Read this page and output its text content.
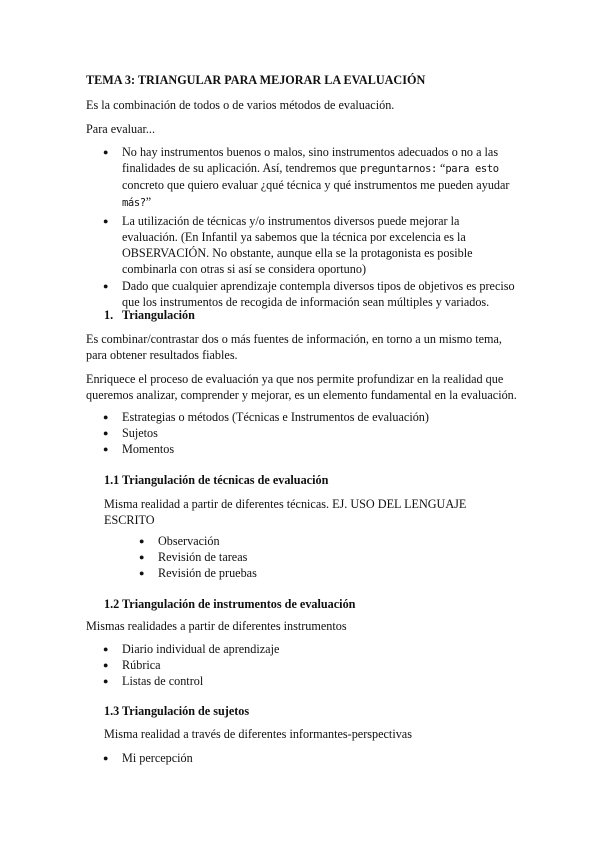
TEMA 3: TRIANGULAR PARA MEJORAR LA EVALUACIÓN

Es la combinación de todos o de varios métodos de evaluación.

Para evaluar...

● No hay instrumentos buenos o malos, sino instrumentos adecuados o no a las
finalidades de su aplicación. Así, tendremos que preguntarnos: “para esto
concreto que quiero evaluar ¿qué técnica y qué instrumentos me pueden ayudar
más?”
● La utilización de técnicas y/o instrumentos diversos puede mejorar la
evaluación. (En Infantil ya sabemos que la técnica por excelencia es la
OBSERVACIÓN. No obstante, aunque ella se la protagonista es posible
combinarla con otras si así se considera oportuno)
● Dado que cualquier aprendizaje contempla diversos tipos de objetivos es preciso
que los instrumentos de recogida de información sean múltiples y variados.

1. Triangulación

Es combinar/contrastar dos o más fuentes de información, en torno a un mismo tema,

para obtener resultados fiables.

Enriquece el proceso de evaluación ya que nos permite profundizar en la realidad que

queremos analizar, comprender y mejorar, es un elemento fundamental en la evaluación.

● Estrategias o métodos (Técnicas e Instrumentos de evaluación)
● Sujetos
● Momentos

1.1 Triangulación de técnicas de evaluación

Misma realidad a partir de diferentes técnicas. EJ. USO DEL LENGUAJE

ESCRITO

● Observación
● Revisión de tareas
● Revisión de pruebas

1.2 Triangulación de instrumentos de evaluación

Mismas realidades a partir de diferentes instrumentos

● Diario individual de aprendizaje
● Rúbrica
● Listas de control

1.3 Triangulación de sujetos

Misma realidad a través de diferentes informantes-perspectivas

● Mi percepción
